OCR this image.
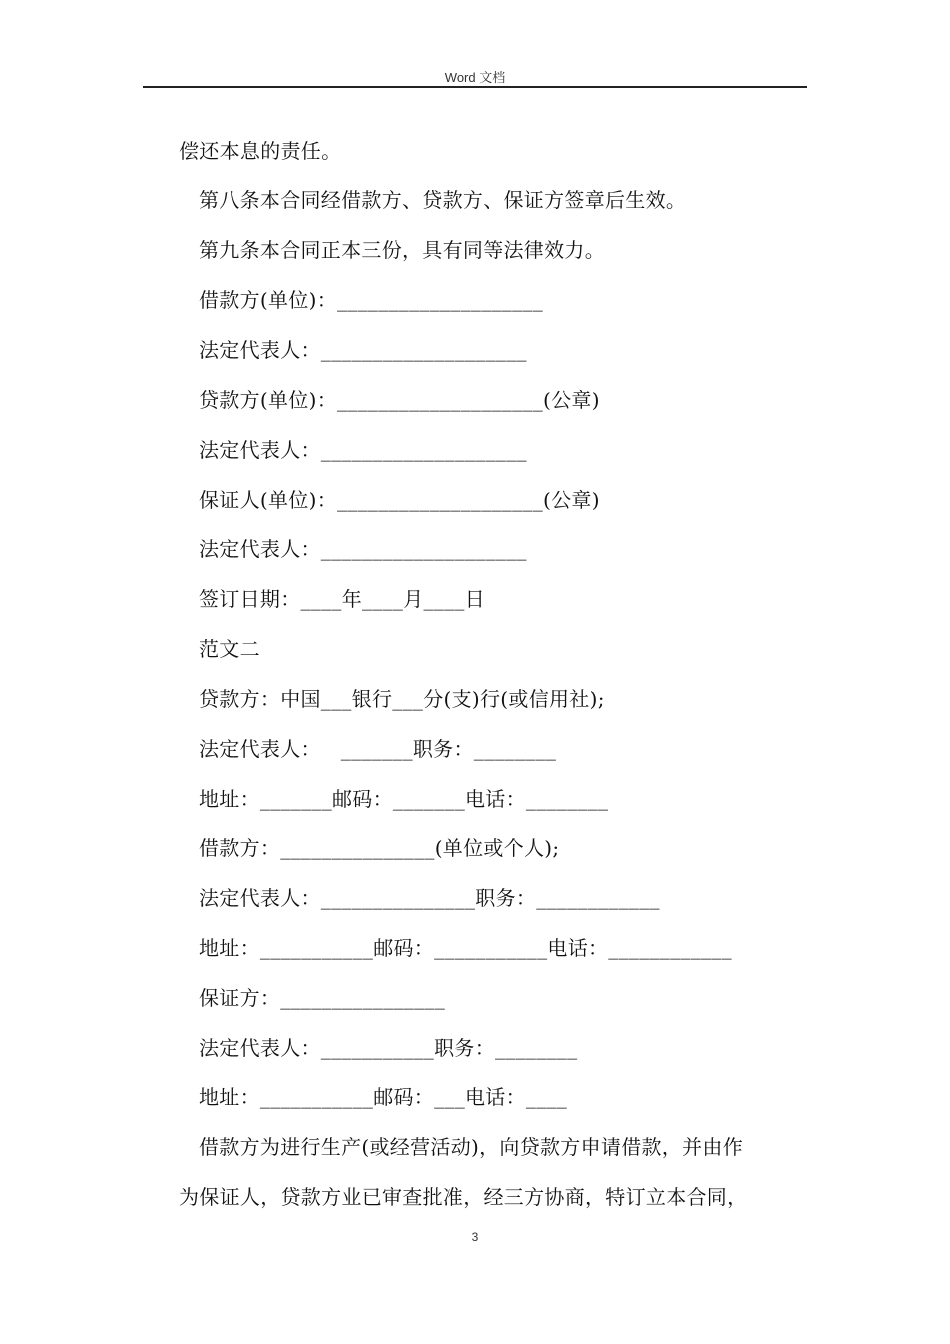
Word 文档
偿还本息的责任。
第八条本合同经借款方、贷款方、保证方签章后生效。
第九条本合同正本三份，具有同等法律效力。
借款方(单位)：____________________
法定代表人：____________________
贷款方(单位)：____________________(公章)
法定代表人：____________________
保证人(单位)：____________________(公章)
法定代表人：____________________
签订日期：____年____月____日
范文二
贷款方：中国___银行___分(支)行(或信用社);
法定代表人：   _______职务：________
地址：_______邮码：_______电话：________
借款方：_______________(单位或个人);
法定代表人：_______________职务：____________
地址：___________邮码：___________电话：____________
保证方：________________
法定代表人：___________职务：________
地址：___________邮码：___电话：____
借款方为进行生产(或经营活动)，向贷款方申请借款，并由作
为保证人，贷款方业已审查批准，经三方协商，特订立本合同，
3
